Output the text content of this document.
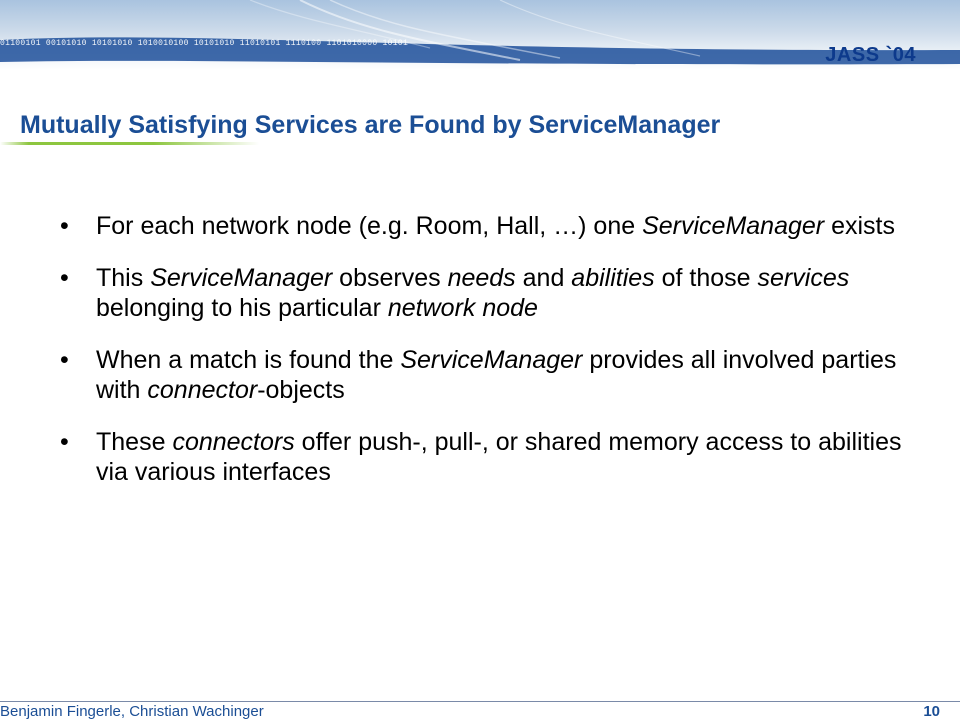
01100101 00101010 10101010 1010010100 10101010 11010101 1110100 1101010000 10101
JASS `04
Mutually Satisfying Services are Found by ServiceManager
• For each network node (e.g. Room, Hall, …) one ServiceManager exists
• This ServiceManager observes needs and abilities of those services belonging to his particular network node
• When a match is found the ServiceManager provides all involved parties with connector-objects
• These connectors offer push-, pull-, or shared memory access to abilities via various interfaces
Benjamin Fingerle, Christian Wachinger	10
